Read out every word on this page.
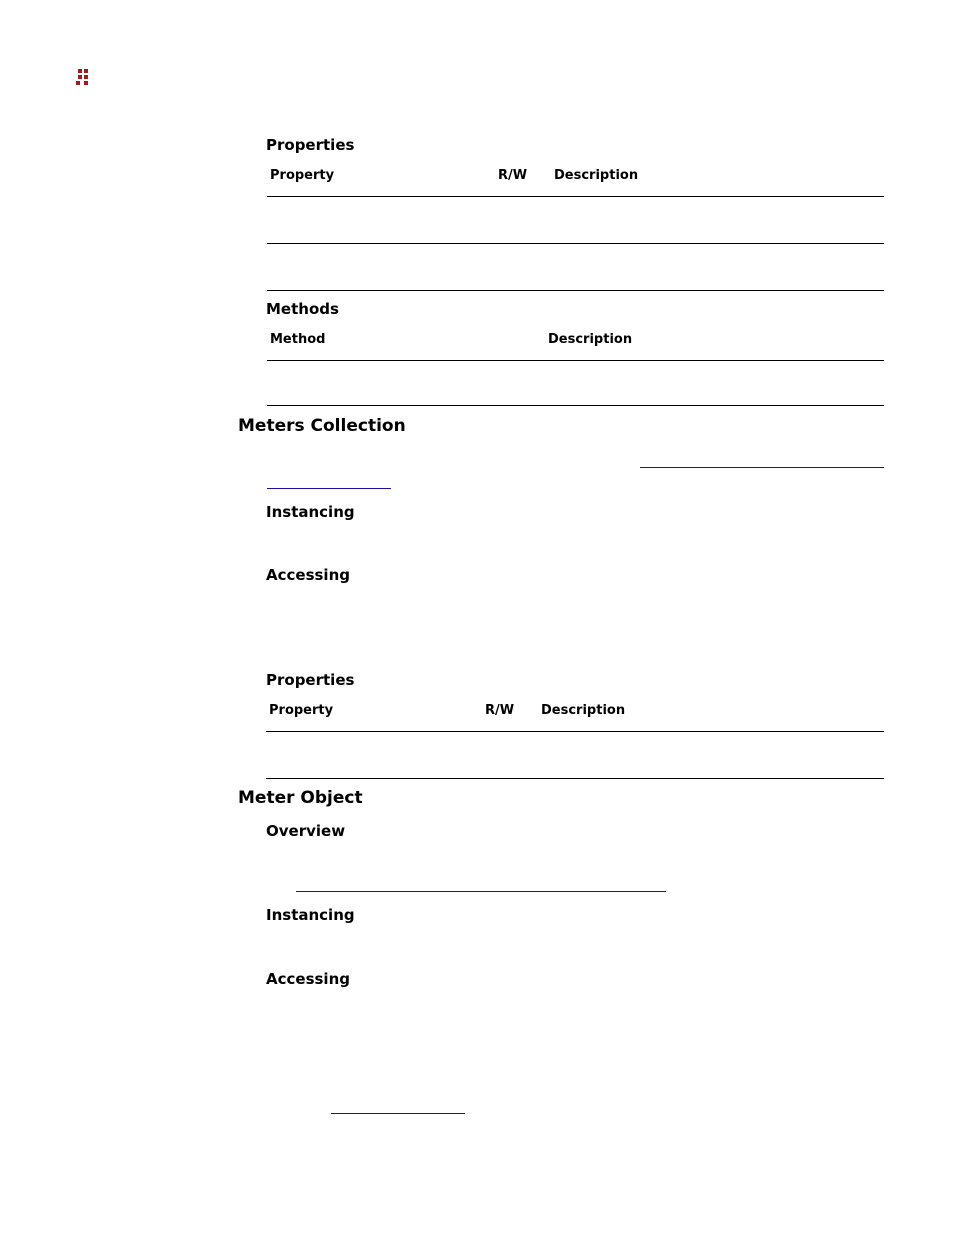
Properties
Property	R/W Description
Methods
Method	Description
Meters Collection
Instancing
Accessing
Properties
Property	R/W Description
Meter Object
Overview
Instancing
Accessing
